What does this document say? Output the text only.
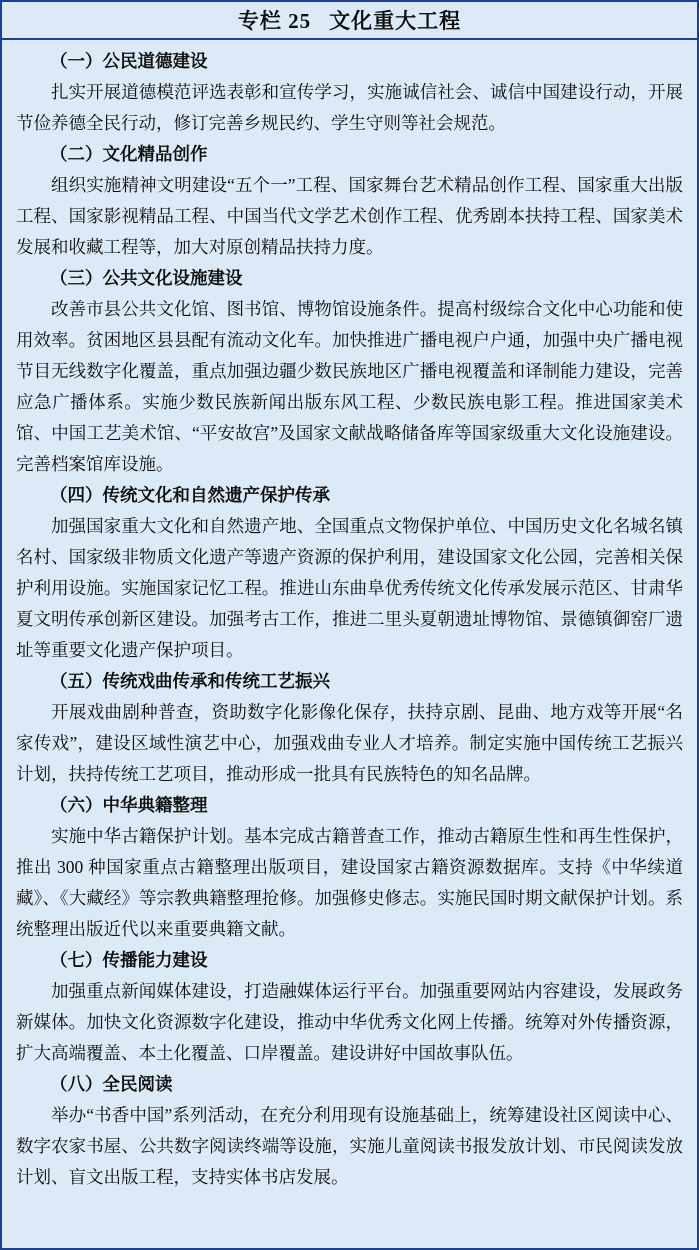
专栏 25 文化重大工程
（一）公民道德建设

扎实开展道德模范评选表彰和宣传学习，实施诚信社会、诚信中国建设行动，开展节俭养德全民行动，修订完善乡规民约、学生守则等社会规范。

（二）文化精品创作

组织实施精神文明建设“五个一”工程、国家舞台艺术精品创作工程、国家重大出版工程、国家影视精品工程、中国当代文学艺术创作工程、优秀剧本扶持工程、国家美术发展和收藏工程等，加大对原创精品扶持力度。

（三）公共文化设施建设

改善市县公共文化馆、图书馆、博物馆设施条件。提高村级综合文化中心功能和使用效率。贫困地区县县配有流动文化车。加快推进广播电视户户通，加强中央广播电视节目无线数字化覆盖，重点加强边疆少数民族地区广播电视覆盖和译制能力建设，完善应急广播体系。实施少数民族新闻出版东风工程、少数民族电影工程。推进国家美术馆、中国工艺美术馆、“平安故宫”及国家文献战略储备库等国家级重大文化设施建设。完善档案馆库设施。

（四）传统文化和自然遗产保护传承

加强国家重大文化和自然遗产地、全国重点文物保护单位、中国历史文化名城名镇名村、国家级非物质文化遗产等遗产资源的保护利用，建设国家文化公园，完善相关保护利用设施。实施国家记忆工程。推进山东曲阜优秀传统文化传承发展示范区、甘肃华夏文明传承创新区建设。加强考古工作，推进二里头夏朝遗址博物馆、景德镇御窑厂遗址等重要文化遗产保护项目。

（五）传统戏曲传承和传统工艺振兴

开展戏曲剧种普查，资助数字化影像化保存，扶持京剧、昆曲、地方戏等开展“名家传戏”，建设区域性演艺中心，加强戏曲专业人才培养。制定实施中国传统工艺振兴计划，扶持传统工艺项目，推动形成一批具有民族特色的知名品牌。

（六）中华典籍整理

实施中华古籍保护计划。基本完成古籍普查工作，推动古籍原生性和再生性保护，推出 300 种国家重点古籍整理出版项目，建设国家古籍资源数据库。支持《中华续道藏》、《大藏经》等宗教典籍整理抢修。加强修史修志。实施民国时期文献保护计划。系统整理出版近代以来重要典籍文献。

（七）传播能力建设

加强重点新闻媒体建设，打造融媒体运行平台。加强重要网站内容建设，发展政务新媒体。加快文化资源数字化建设，推动中华优秀文化网上传播。统筹对外传播资源，扩大高端覆盖、本土化覆盖、口岸覆盖。建设讲好中国故事队伍。

（八）全民阅读

举办“书香中国”系列活动，在充分利用现有设施基础上，统筹建设社区阅读中心、数字农家书屋、公共数字阅读终端等设施，实施儿童阅读书报发放计划、市民阅读发放计划、盲文出版工程，支持实体书店发展。
